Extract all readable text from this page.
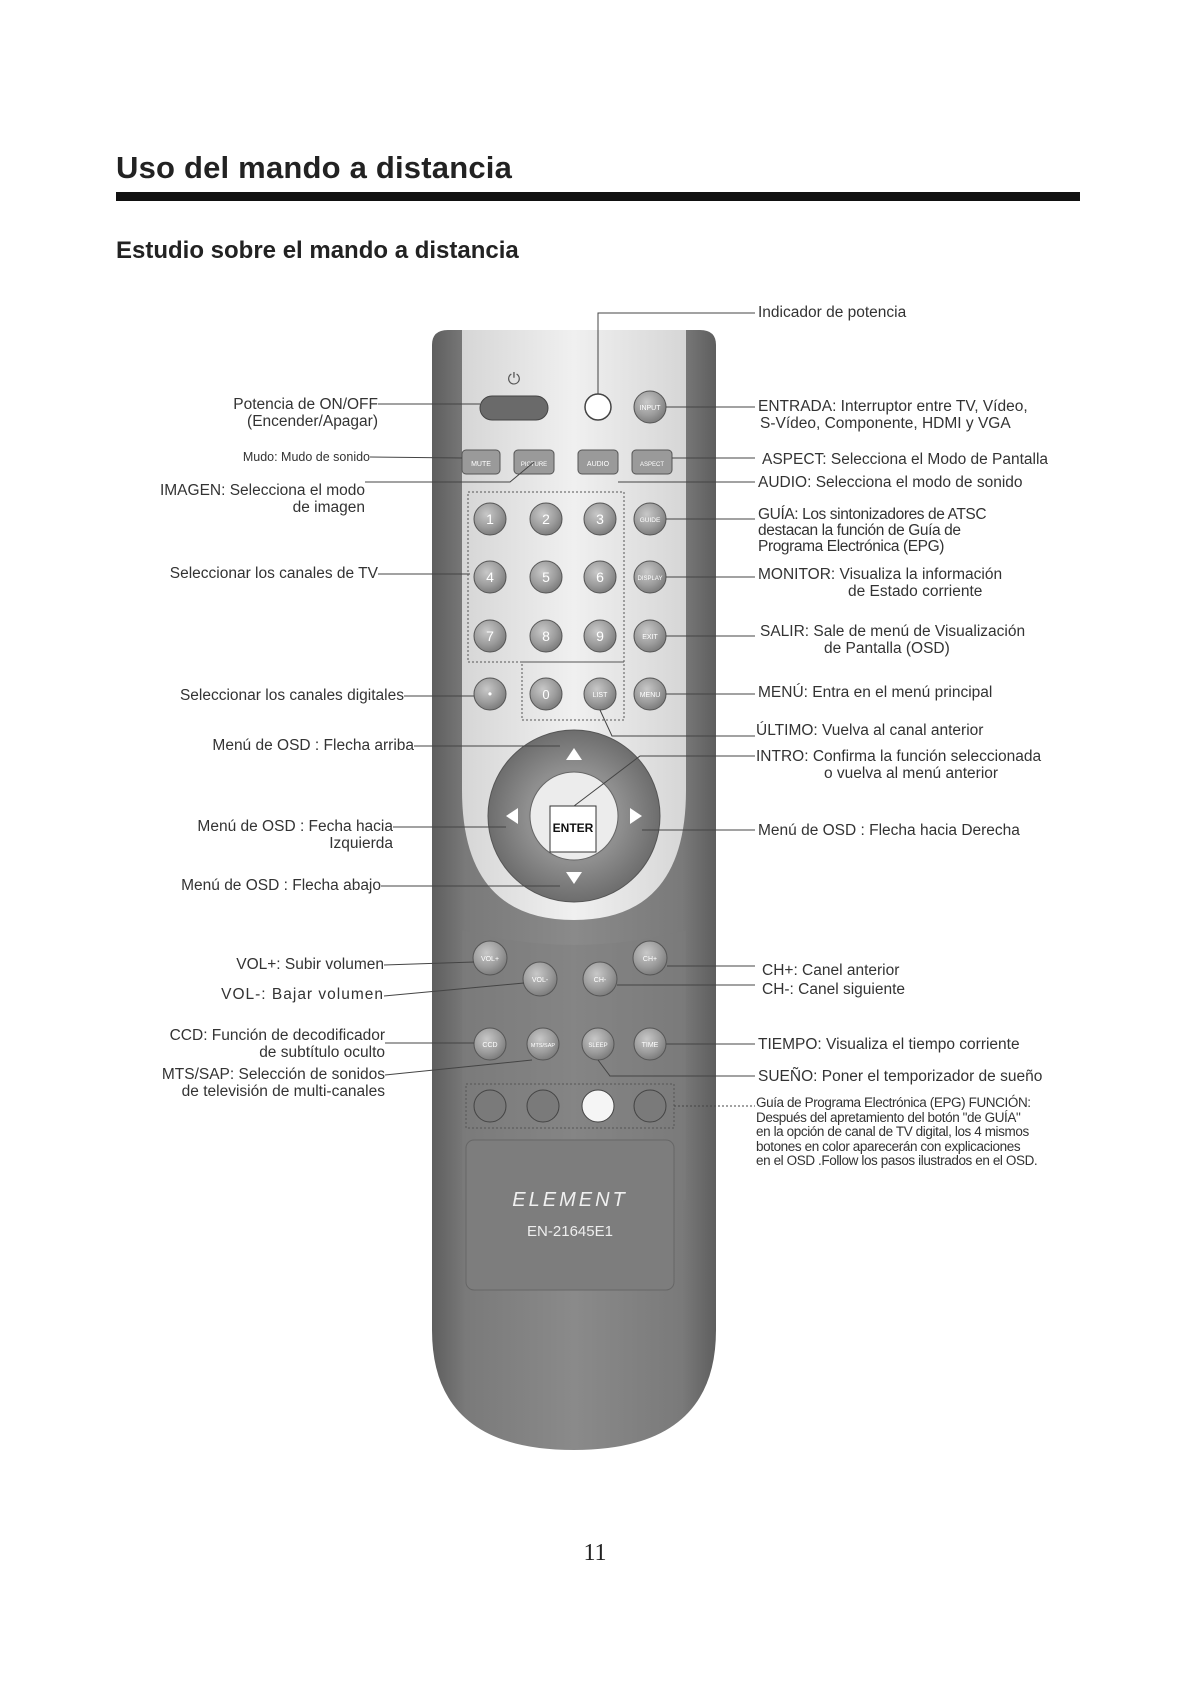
Uso del mando a distancia
Estudio sobre el mando a distancia
⏻
INPUT
MUTE	PICTURE	AUDIO	ASPECT
1	2	3
4	5	6
7	8	9
GUIDE
DISPLAY
EXIT
•	0	LIST	MENU
ENTER
VOL+
VOL-	CH-
CH+
CCD	MTS/SAP	SLEEP	TIME
ELEMENT
EN-21645E1
Potencia de ON/OFF
(Encender/Apagar)
Mudo: Mudo de sonido
IMAGEN: Selecciona el modo
de imagen
Seleccionar los canales de TV
Seleccionar los canales digitales
Menú de OSD : Flecha arriba
Menú de OSD : Fecha hacia
Izquierda
Menú de OSD : Flecha abajo
VOL+: Subir volumen
VOL-: Bajar volumen
CCD: Función de decodificador
de subtítulo oculto
MTS/SAP: Selección de sonidos
de televisión de multi-canales
Indicador de potencia
ENTRADA: Interruptor entre TV, Vídeo,
S-Vídeo, Componente, HDMI y VGA
ASPECT: Selecciona el Modo de Pantalla
AUDIO: Selecciona el modo de sonido
GUÍA: Los sintonizadores de ATSC
destacan la función de Guía de
Programa Electrónica (EPG)
MONITOR: Visualiza la información
de Estado corriente
SALIR: Sale de menú de Visualización
de Pantalla (OSD)
MENÚ: Entra en el menú principal
ÚLTIMO: Vuelva al canal anterior
INTRO: Confirma la función seleccionada
o vuelva al menú anterior
Menú de OSD : Flecha hacia Derecha
CH+: Canel anterior
CH-: Canel siguiente
TIEMPO: Visualiza el tiempo corriente
SUEÑO: Poner el temporizador de sueño
Guía de Programa Electrónica (EPG) FUNCIÓN:
Después del apretamiento del botón "de GUÍA"
en la opción de canal de TV digital, los 4 mismos
botones en color aparecerán con explicaciones
en el OSD .Follow los pasos ilustrados en el OSD.
11
